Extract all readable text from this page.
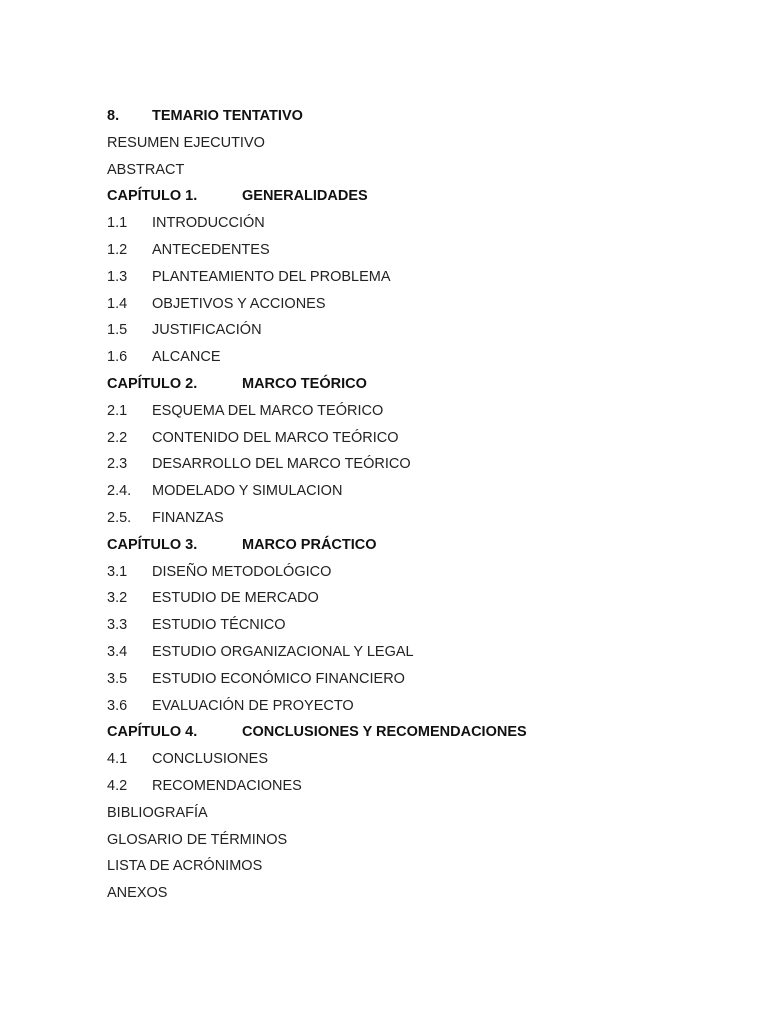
8. TEMARIO TENTATIVO
RESUMEN EJECUTIVO
ABSTRACT
CAPÍTULO 1.	GENERALIDADES
1.1 INTRODUCCIÓN
1.2 ANTECEDENTES
1.3 PLANTEAMIENTO DEL PROBLEMA
1.4 OBJETIVOS Y ACCIONES
1.5 JUSTIFICACIÓN
1.6 ALCANCE
CAPÍTULO 2.	MARCO TEÓRICO
2.1 ESQUEMA DEL MARCO TEÓRICO
2.2 CONTENIDO DEL MARCO TEÓRICO
2.3 DESARROLLO DEL MARCO TEÓRICO
2.4. MODELADO Y SIMULACION
2.5. FINANZAS
CAPÍTULO 3.	MARCO PRÁCTICO
3.1 DISEÑO METODOLÓGICO
3.2 ESTUDIO DE MERCADO
3.3 ESTUDIO TÉCNICO
3.4 ESTUDIO ORGANIZACIONAL Y LEGAL
3.5 ESTUDIO ECONÓMICO FINANCIERO
3.6 EVALUACIÓN DE PROYECTO
CAPÍTULO 4.	CONCLUSIONES Y RECOMENDACIONES
4.1 CONCLUSIONES
4.2 RECOMENDACIONES
BIBLIOGRAFÍA
GLOSARIO DE TÉRMINOS
LISTA DE ACRÓNIMOS
ANEXOS
